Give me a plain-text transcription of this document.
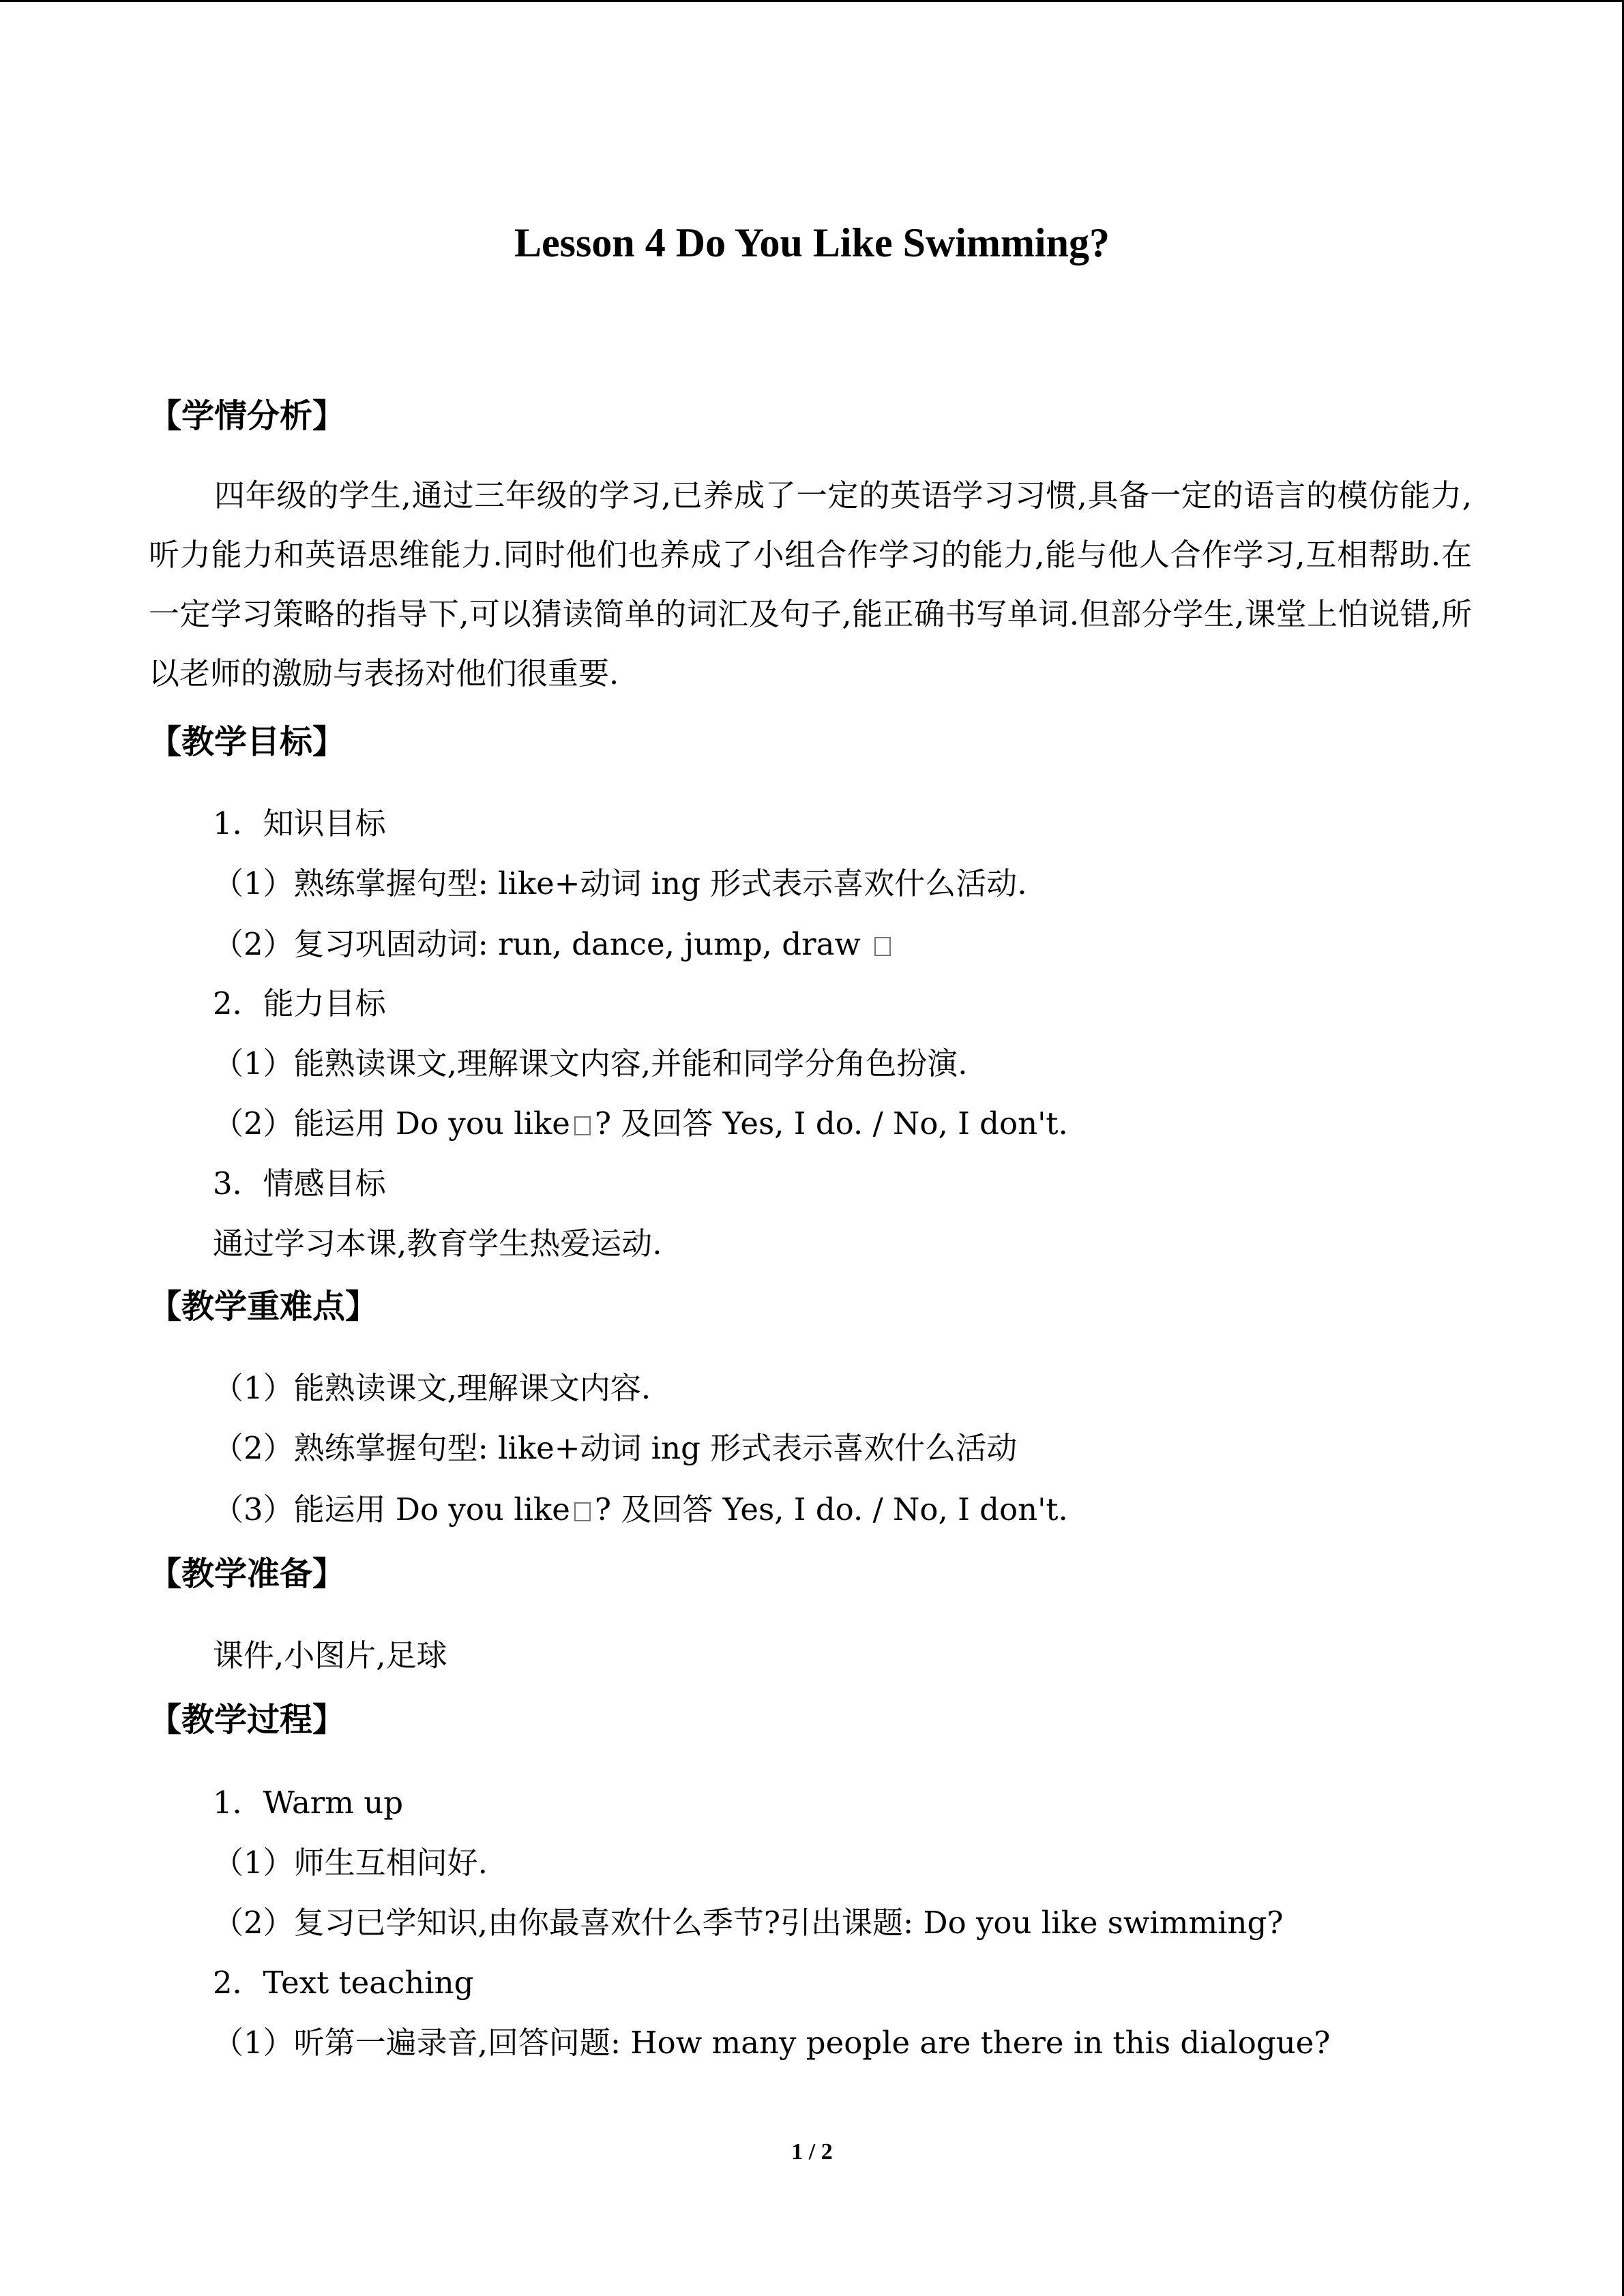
Lesson 4 Do You Like Swimming?
【学情分析】
四年级的学生,通过三年级的学习,已养成了一定的英语学习习惯,具备一定的语言的模仿能力,听力能力和英语思维能力.同时他们也养成了小组合作学习的能力,能与他人合作学习,互相帮助.在一定学习策略的指导下,可以猜读简单的词汇及句子,能正确书写单词.但部分学生,课堂上怕说错,所以老师的激励与表扬对他们很重要.
【教学目标】
1．知识目标
（1）熟练掌握句型: like+动词 ing 形式表示喜欢什么活动.
（2）复习巩固动词: run, dance, jump, draw
2．能力目标
（1）能熟读课文,理解课文内容,并能和同学分角色扮演.
（2）能运用 Do you like ? 及回答 Yes, I do. / No, I don't.
3．情感目标
通过学习本课,教育学生热爱运动.
【教学重难点】
（1）能熟读课文,理解课文内容.
（2）熟练掌握句型: like+动词 ing 形式表示喜欢什么活动
（3）能运用 Do you like ? 及回答 Yes, I do. / No, I don't.
【教学准备】
课件,小图片,足球
【教学过程】
1．Warm up
（1）师生互相问好.
（2）复习已学知识,由你最喜欢什么季节?引出课题: Do you like swimming?
2．Text teaching
（1）听第一遍录音,回答问题: How many people are there in this dialogue?
1 / 2
